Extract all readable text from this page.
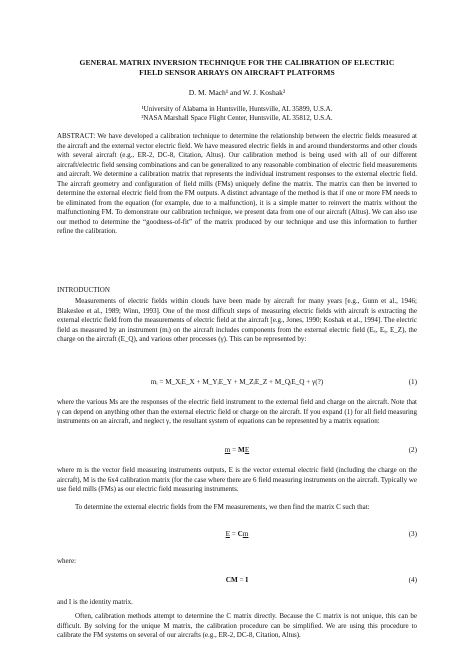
GENERAL MATRIX INVERSION TECHNIQUE FOR THE CALIBRATION OF ELECTRIC
FIELD SENSOR ARRAYS ON AIRCRAFT PLATFORMS
D. M. Mach¹ and W. J. Koshak²
¹University of Alabama in Huntsville, Huntsville, AL 35899, U.S.A.
²NASA Marshall Space Flight Center, Huntsville, AL 35812, U.S.A.

ABSTRACT: We have developed a calibration technique to determine the relationship between the electric fields measured at the aircraft and the external vector electric field. We have measured electric fields in and around thunderstorms and other clouds with several aircraft (e.g., ER-2, DC-8, Citation, Altus). Our calibration method is being used with all of our different aircraft/electric field sensing combinations and can be generalized to any reasonable combination of electric field measurements and aircraft. We determine a calibration matrix that represents the individual instrument responses to the external electric field. The aircraft geometry and configuration of field mills (FMs) uniquely define the matrix. The matrix can then be inverted to determine the external electric field from the FM outputs. A distinct advantage of the method is that if one or more FM needs to be eliminated from the equation (for example, due to a malfunction), it is a simple matter to reinvert the matrix without the malfunctioning FM. To demonstrate our calibration technique, we present data from one of our aircraft (Altus). We can also use our method to determine the “goodness-of-fit” of the matrix produced by our technique and use this information to further refine the calibration.

INTRODUCTION

Measurements of electric fields within clouds have been made by aircraft for many years [e.g., Gunn et al., 1946; Blakeslee et al., 1989; Winn, 1993]. One of the most difficult steps of measuring electric fields with aircraft is extracting the external electric field from the measurements of electric field at the aircraft [e.g., Jones, 1990; Koshak et al., 1994]. The electric field as measured by an instrument (mᵢ) on the aircraft includes components from the external electric field (Eₓ, Eᵧ, E_Z), the charge on the aircraft (E_Q), and various other processes (γ). This can be represented by:

mᵢ = M_XᵢE_X + M_YᵢE_Y + M_ZᵢE_Z + M_QᵢE_Q + γ(?)	(1)

where the various Ms are the responses of the electric field instrument to the external field and charge on the aircraft. Note that γ can depend on anything other than the external electric field or charge on the aircraft. If you expand (1) for all field measuring instruments on an aircraft, and neglect γ, the resultant system of equations can be represented by a matrix equation:

m = ME	(2)

where m is the vector field measuring instruments outputs, E is the vector external electric field (including the charge on the aircraft), M is the 6x4 calibration matrix (for the case where there are 6 field measuring instruments on the aircraft. Typically we use field mills (FMs) as our electric field measuring instruments.

To determine the external electric fields from the FM measurements, we then find the matrix C such that:

E = Cm	(3)
where:
CM = I	(4)

and I is the identity matrix.

Often, calibration methods attempt to determine the C matrix directly. Because the C matrix is not unique, this can be difficult. By solving for the unique M matrix, the calibration procedure can be simplified. We are using this procedure to calibrate the FM systems on several of our aircrafts (e.g., ER-2, DC-8, Citation, Altus).
